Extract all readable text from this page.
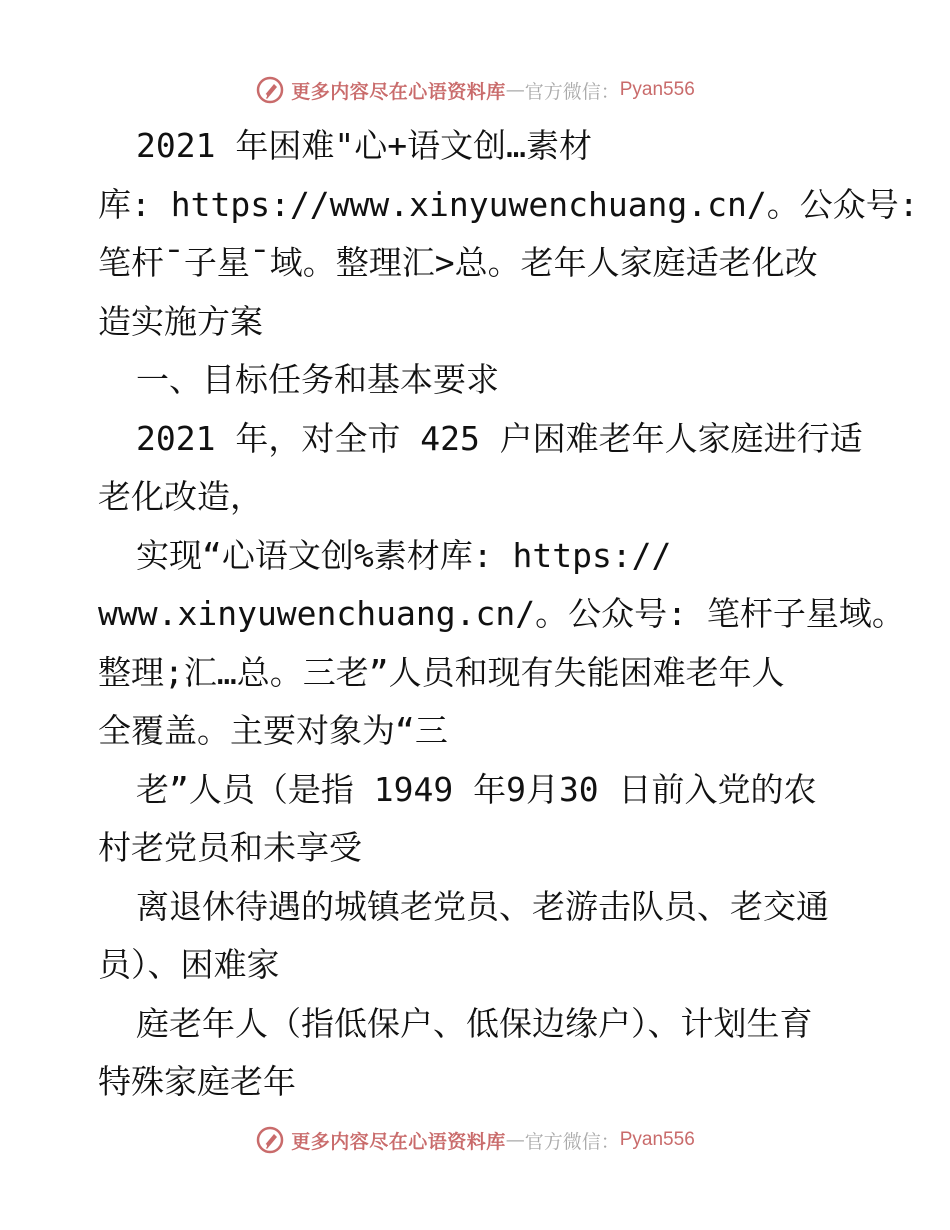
更多内容尽在心语资料库 — 官方微信： Pyan556
2021 年困难"心+语文创…素材
库: https://www.xinyuwenchuang.cn/。公众号:
笔杆¯子星¯域。整理汇>总。老年人家庭适老化改
造实施方案
一、目标任务和基本要求
2021 年，对全市 425 户困难老年人家庭进行适
老化改造，
实现“心语文创%素材库: https://
www.xinyuwenchuang.cn/。公众号: 笔杆子星域。
整理;汇…总。三老”人员和现有失能困难老年人
全覆盖。主要对象为“三
老”人员（是指 1949 年9月30 日前入党的农
村老党员和未享受
离退休待遇的城镇老党员、老游击队员、老交通
员）、困难家
庭老年人（指低保户、低保边缘户）、计划生育
特殊家庭老年
更多内容尽在心语资料库 — 官方微信： Pyan556
